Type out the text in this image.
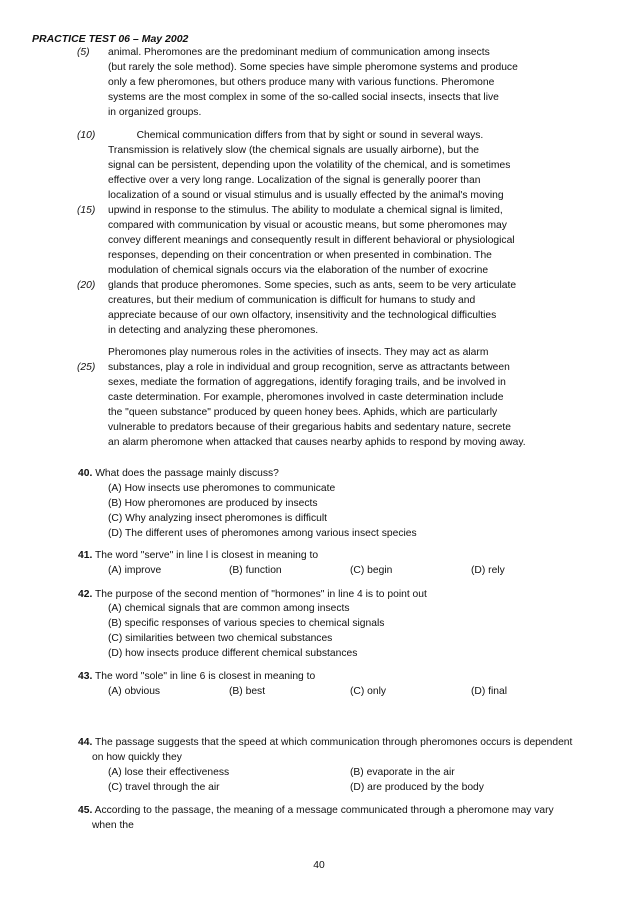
PRACTICE TEST 06 – May 2002
(5) animal. Pheromones are the predominant medium of communication among insects
(but rarely the sole method). Some species have simple pheromone systems and produce
only a few pheromones, but others produce many with various functions. Pheromone
systems are the most complex in some of the so-called social insects, insects that live
in organized groups.
(10) Chemical communication differs from that by sight or sound in several ways.
Transmission is relatively slow (the chemical signals are usually airborne), but the
signal can be persistent, depending upon the volatility of the chemical, and is sometimes
effective over a very long range. Localization of the signal is generally poorer than
localization of a sound or visual stimulus and is usually effected by the animal's moving
(15) upwind in response to the stimulus. The ability to modulate a chemical signal is limited,
compared with communication by visual or acoustic means, but some pheromones may
convey different meanings and consequently result in different behavioral or physiological
responses, depending on their concentration or when presented in combination. The
modulation of chemical signals occurs via the elaboration of the number of exocrine
(20) glands that produce pheromones. Some species, such as ants, seem to be very articulate
creatures, but their medium of communication is difficult for humans to study and
appreciate because of our own olfactory, insensitivity and the technological difficulties
in detecting and analyzing these pheromones.
Pheromones play numerous roles in the activities of insects. They may act as alarm
(25) substances, play a role in individual and group recognition, serve as attractants between
sexes, mediate the formation of aggregations, identify foraging trails, and be involved in
caste determination. For example, pheromones involved in caste determination include
the "queen substance" produced by queen honey bees. Aphids, which are particularly
vulnerable to predators because of their gregarious habits and sedentary nature, secrete
an alarm pheromone when attacked that causes nearby aphids to respond by moving away.
40. What does the passage mainly discuss?
(A) How insects use pheromones to communicate
(B) How pheromones are produced by insects
(C) Why analyzing insect pheromones is difficult
(D) The different uses of pheromones among various insect species
41. The word "serve" in line l is closest in meaning to
(A) improve	(B) function	(C) begin	(D) rely
42. The purpose of the second mention of "hormones" in line 4 is to point out
(A) chemical signals that are common among insects
(B) specific responses of various species to chemical signals
(C) similarities between two chemical substances
(D) how insects produce different chemical substances
43. The word "sole" in line 6 is closest in meaning to
(A) obvious	(B) best	(C) only	(D) final
44. The passage suggests that the speed at which communication through pheromones occurs is dependent
on how quickly they
(A) lose their effectiveness	(B) evaporate in the air
(C) travel through the air	(D) are produced by the body
45. According to the passage, the meaning of a message communicated through a pheromone may vary
when the
40
